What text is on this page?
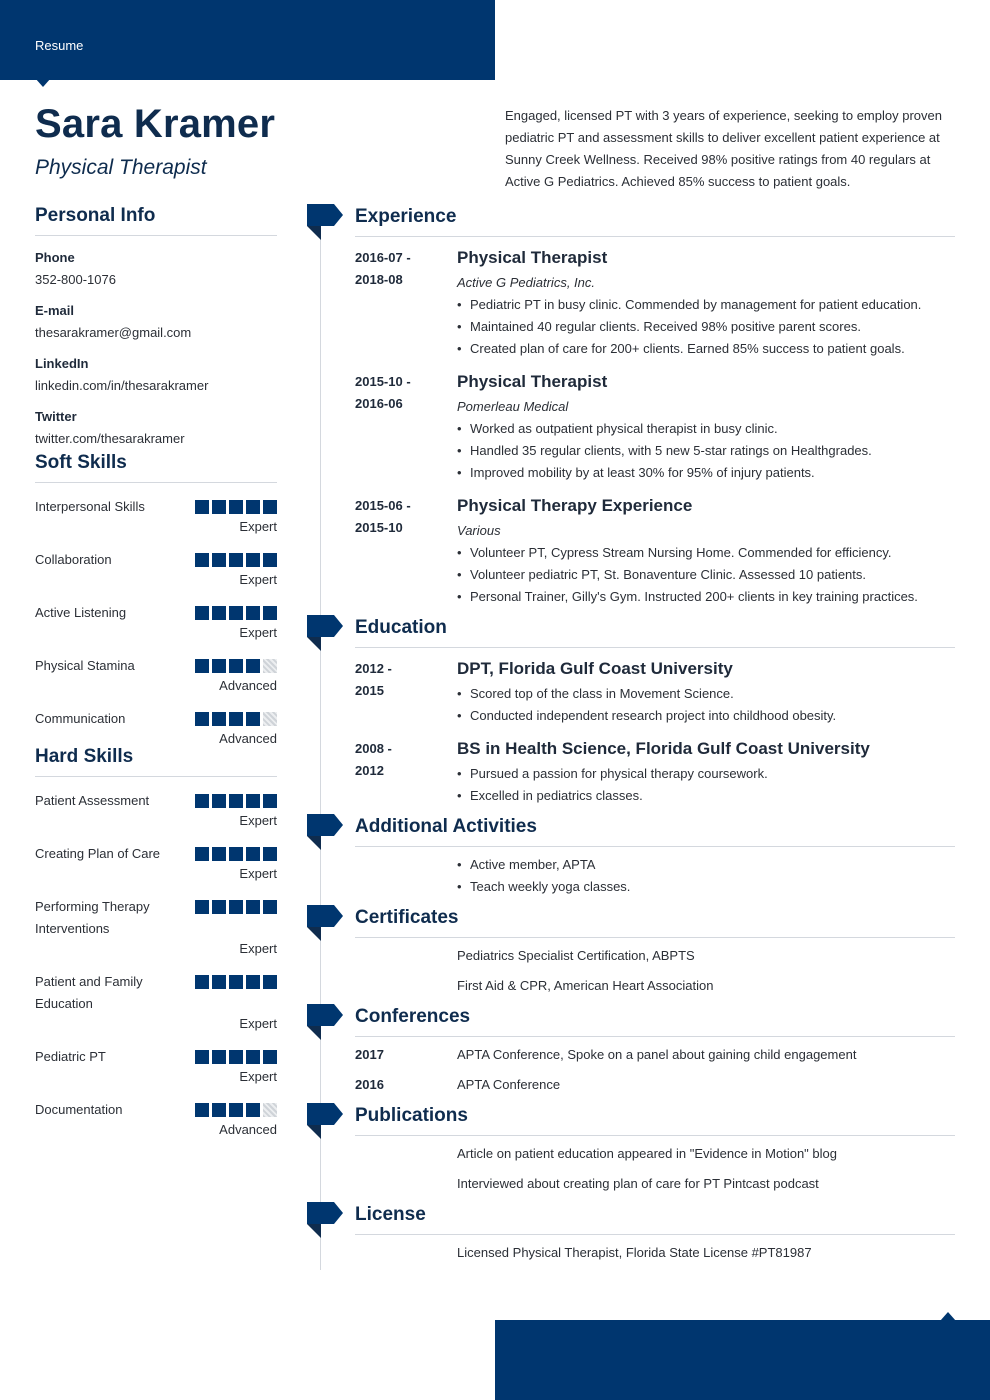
Resume
Sara Kramer
Physical Therapist

Engaged, licensed PT with 3 years of experience, seeking to employ proven pediatric PT and assessment skills to deliver excellent patient experience at Sunny Creek Wellness. Received 98% positive ratings from 40 regulars at Active G Pediatrics. Achieved 85% success to patient goals.

Personal Info
Phone
352-800-1076
E-mail
thesarakramer@gmail.com
LinkedIn
linkedin.com/in/thesarakramer
Twitter
twitter.com/thesarakramer
Soft Skills
Interpersonal Skills
Expert
Collaboration
Expert
Active Listening
Expert
Physical Stamina
Advanced
Communication
Advanced
Hard Skills
Patient Assessment
Expert
Creating Plan of Care
Expert
Performing Therapy Interventions
Expert
Patient and Family Education
Expert
Pediatric PT
Expert
Documentation
Advanced
Experience
2016-07 -
2018-08
Physical Therapist
Active G Pediatrics, Inc.
• Pediatric PT in busy clinic. Commended by management for patient education.
• Maintained 40 regular clients. Received 98% positive parent scores.
• Created plan of care for 200+ clients. Earned 85% success to patient goals.
2015-10 -
2016-06
Physical Therapist
Pomerleau Medical
• Worked as outpatient physical therapist in busy clinic.
• Handled 35 regular clients, with 5 new 5-star ratings on Healthgrades.
• Improved mobility by at least 30% for 95% of injury patients.
2015-06 -
2015-10
Physical Therapy Experience
Various
• Volunteer PT, Cypress Stream Nursing Home. Commended for efficiency.
• Volunteer pediatric PT, St. Bonaventure Clinic. Assessed 10 patients.
• Personal Trainer, Gilly's Gym. Instructed 200+ clients in key training practices.
Education
2012 -
2015
DPT, Florida Gulf Coast University
• Scored top of the class in Movement Science.
• Conducted independent research project into childhood obesity.
2008 -
2012
BS in Health Science, Florida Gulf Coast University
• Pursued a passion for physical therapy coursework.
• Excelled in pediatrics classes.
Additional Activities
• Active member, APTA
• Teach weekly yoga classes.
Certificates
Pediatrics Specialist Certification, ABPTS
First Aid & CPR, American Heart Association
Conferences
2017	APTA Conference, Spoke on a panel about gaining child engagement
2016	APTA Conference
Publications
Article on patient education appeared in "Evidence in Motion" blog
Interviewed about creating plan of care for PT Pintcast podcast
License
Licensed Physical Therapist, Florida State License #PT81987
